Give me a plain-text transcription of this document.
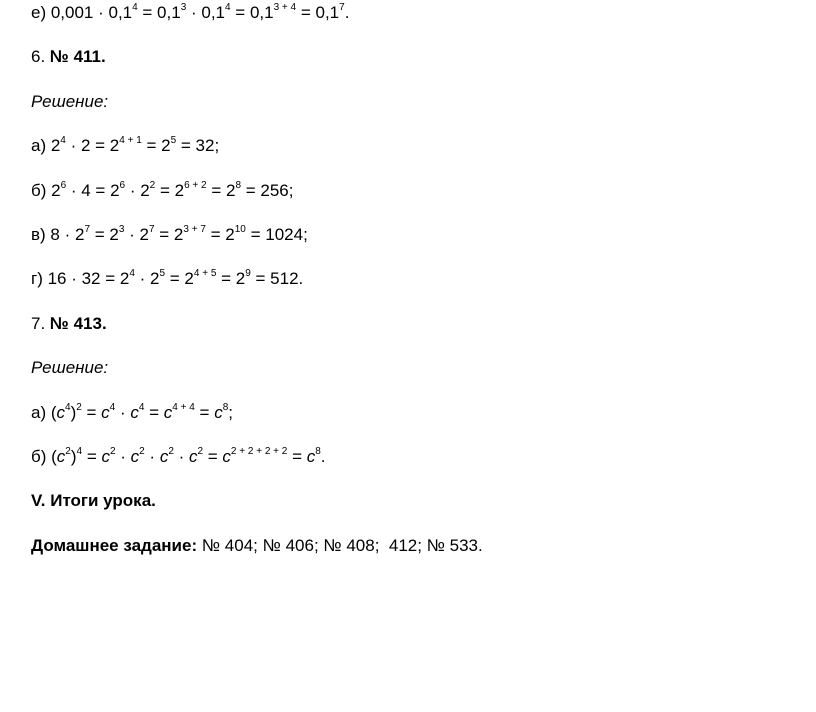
е) $0,001 \cdot 0,1^4 = 0,1^3 \cdot 0,1^4 = 0,1^{3 + 4} = 0,1^7$.
6. № 411.
Решение:
а) $2^4 \cdot 2 = 2^{4 + 1} = 2^5 = 32$;
б) $2^6 \cdot 4 = 2^6 \cdot 2^2 = 2^{6 + 2} = 2^8 = 256$;
в) $8 \cdot 2^7 = 2^3 \cdot 2^7 = 2^{3 + 7} = 2^{10} = 1024$;
г) $16 \cdot 32 = 2^4 \cdot 2^5 = 2^{4 + 5} = 2^9 = 512$.
7. № 413.
Решение:
а) $(c^4)^2 = c^4 \cdot c^4 = c^{4 + 4} = c^8$;
б) $(c^2)^4 = c^2 \cdot c^2 \cdot c^2 \cdot c^2 = c^{2 + 2 + 2 + 2} = c^8$.
V. Итоги урока.
Домашнее задание: № 404; № 406; № 408;  412; № 533.
